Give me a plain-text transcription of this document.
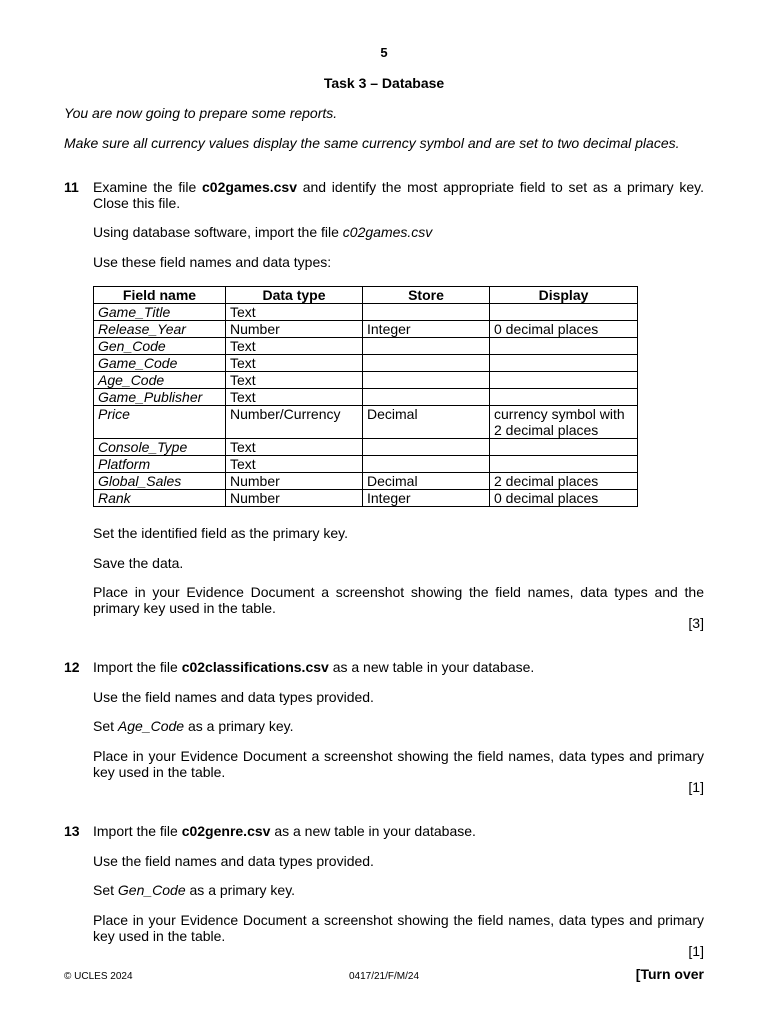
5
Task 3 – Database
You are now going to prepare some reports.
Make sure all currency values display the same currency symbol and are set to two decimal places.
11 Examine the file c02games.csv and identify the most appropriate field to set as a primary key. Close this file.
Using database software, import the file c02games.csv
Use these field names and data types:
Field name	Data type	Store	Display
Game_Title	Text		
Release_Year	Number	Integer	0 decimal places
Gen_Code	Text		
Game_Code	Text		
Age_Code	Text		
Game_Publisher	Text		
Price	Number/Currency	Decimal	currency symbol with 2 decimal places
Console_Type	Text		
Platform	Text		
Global_Sales	Number	Decimal	2 decimal places
Rank	Number	Integer	0 decimal places
Set the identified field as the primary key.
Save the data.
Place in your Evidence Document a screenshot showing the field names, data types and the primary key used in the table.
[3]
12 Import the file c02classifications.csv as a new table in your database.
Use the field names and data types provided.
Set Age_Code as a primary key.
Place in your Evidence Document a screenshot showing the field names, data types and primary key used in the table.
[1]
13 Import the file c02genre.csv as a new table in your database.
Use the field names and data types provided.
Set Gen_Code as a primary key.
Place in your Evidence Document a screenshot showing the field names, data types and primary key used in the table.
[1]
© UCLES 2024	0417/21/F/M/24	[Turn over
